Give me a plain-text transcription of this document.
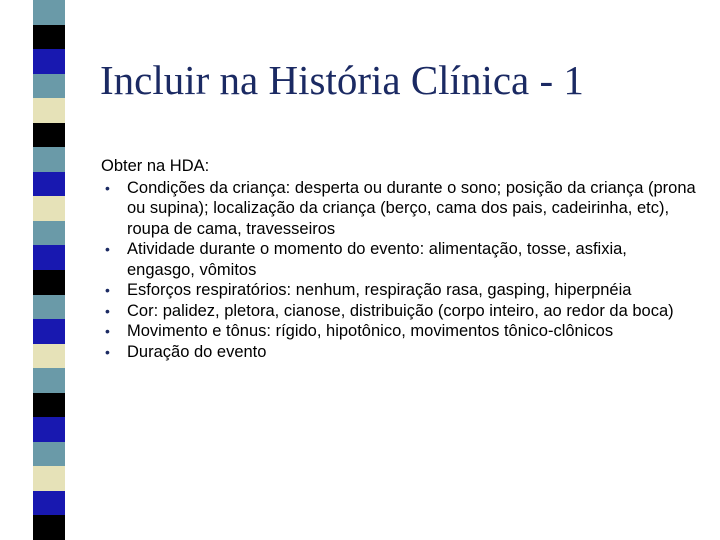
Incluir na História Clínica - 1

Obter na HDA:

• Condições da criança: desperta ou durante o sono; posição da criança (prona ou supina); localização da criança (berço, cama dos pais, cadeirinha, etc), roupa de cama, travesseiros
• Atividade durante o momento do evento: alimentação, tosse, asfixia, engasgo, vômitos
• Esforços respiratórios: nenhum, respiração rasa, gasping, hiperpnéia
• Cor: palidez, pletora, cianose, distribuição (corpo inteiro, ao redor da boca)
• Movimento e tônus: rígido, hipotônico, movimentos tônico-clônicos
• Duração do evento
